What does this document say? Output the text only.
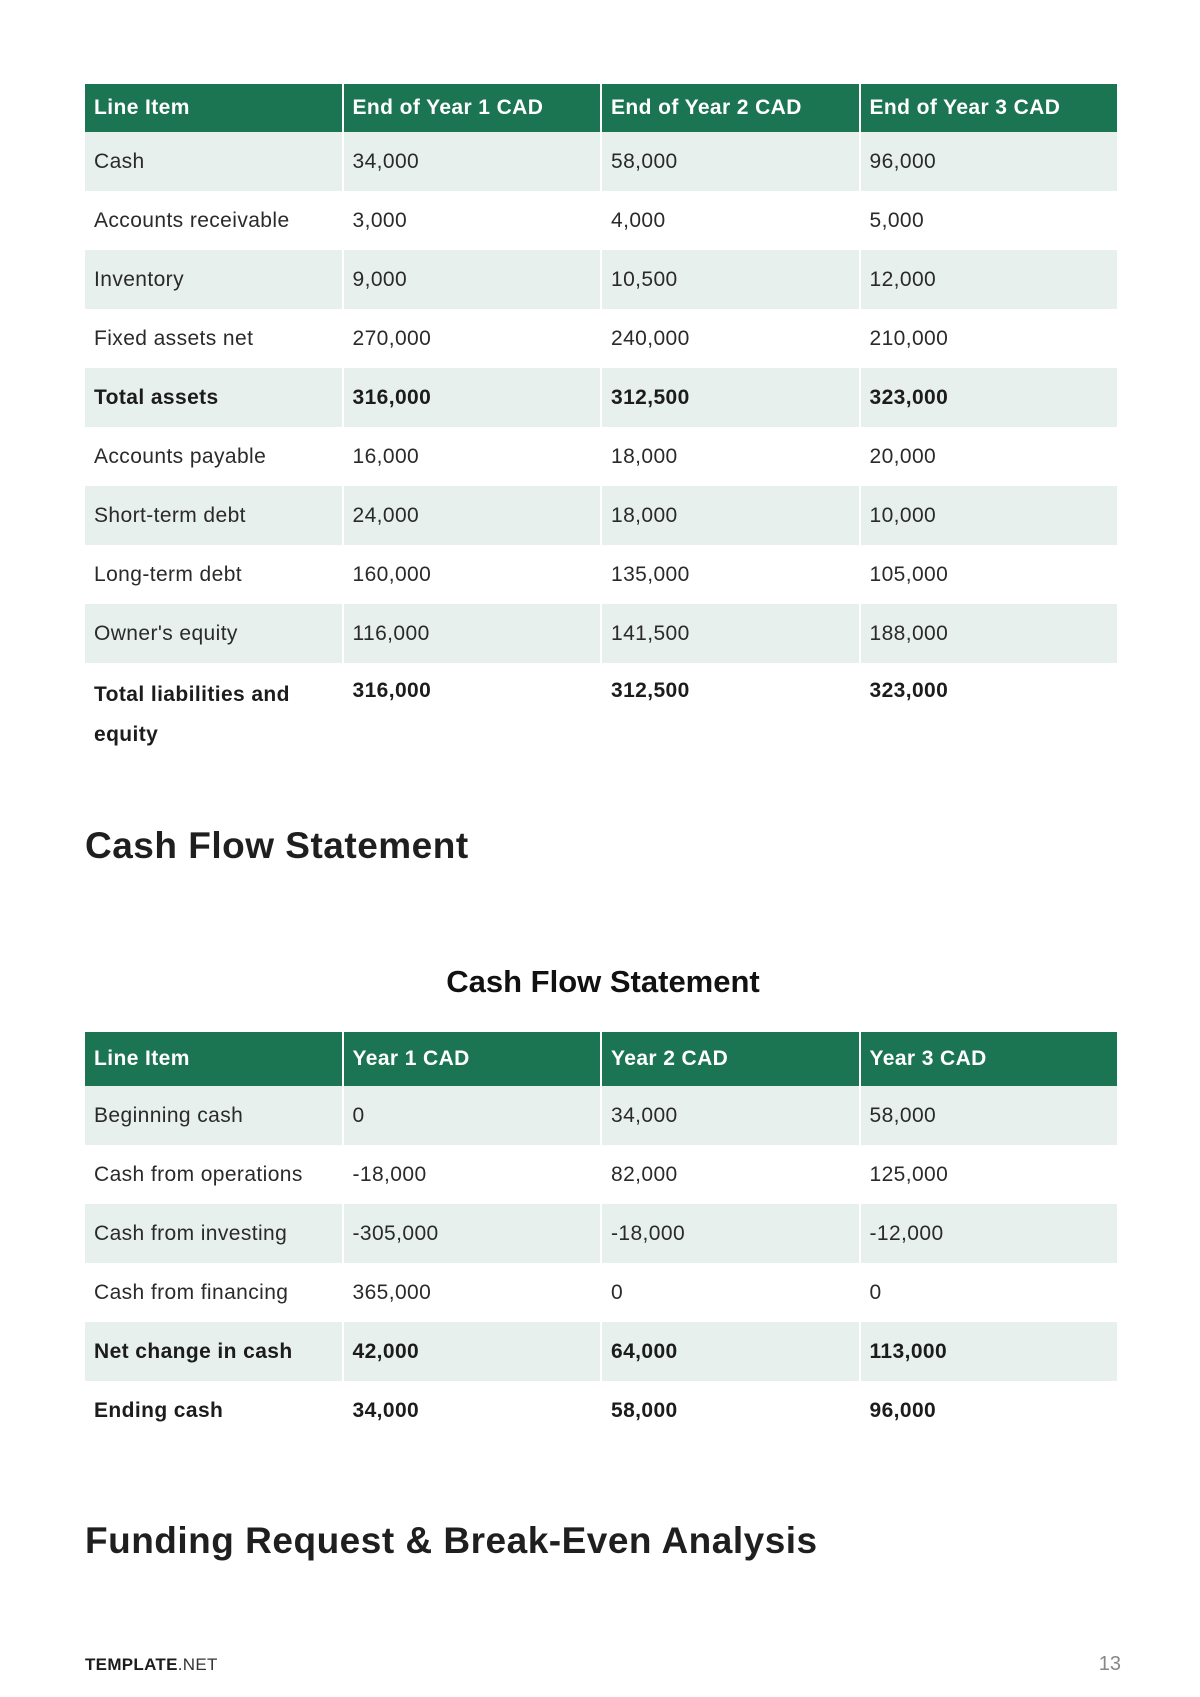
Line Item	End of Year 1 CAD	End of Year 2 CAD	End of Year 3 CAD
Cash	34,000	58,000	96,000
Accounts receivable	3,000	4,000	5,000
Inventory	9,000	10,500	12,000
Fixed assets net	270,000	240,000	210,000
Total assets	316,000	312,500	323,000
Accounts payable	16,000	18,000	20,000
Short-term debt	24,000	18,000	10,000
Long-term debt	160,000	135,000	105,000
Owner's equity	116,000	141,500	188,000
Total liabilities and equity	316,000	312,500	323,000
Cash Flow Statement
Cash Flow Statement
Line Item	Year 1 CAD	Year 2 CAD	Year 3 CAD
Beginning cash	0	34,000	58,000
Cash from operations	-18,000	82,000	125,000
Cash from investing	-305,000	-18,000	-12,000
Cash from financing	365,000	0	0
Net change in cash	42,000	64,000	113,000
Ending cash	34,000	58,000	96,000
Funding Request & Break-Even Analysis
TEMPLATE.NET	13
